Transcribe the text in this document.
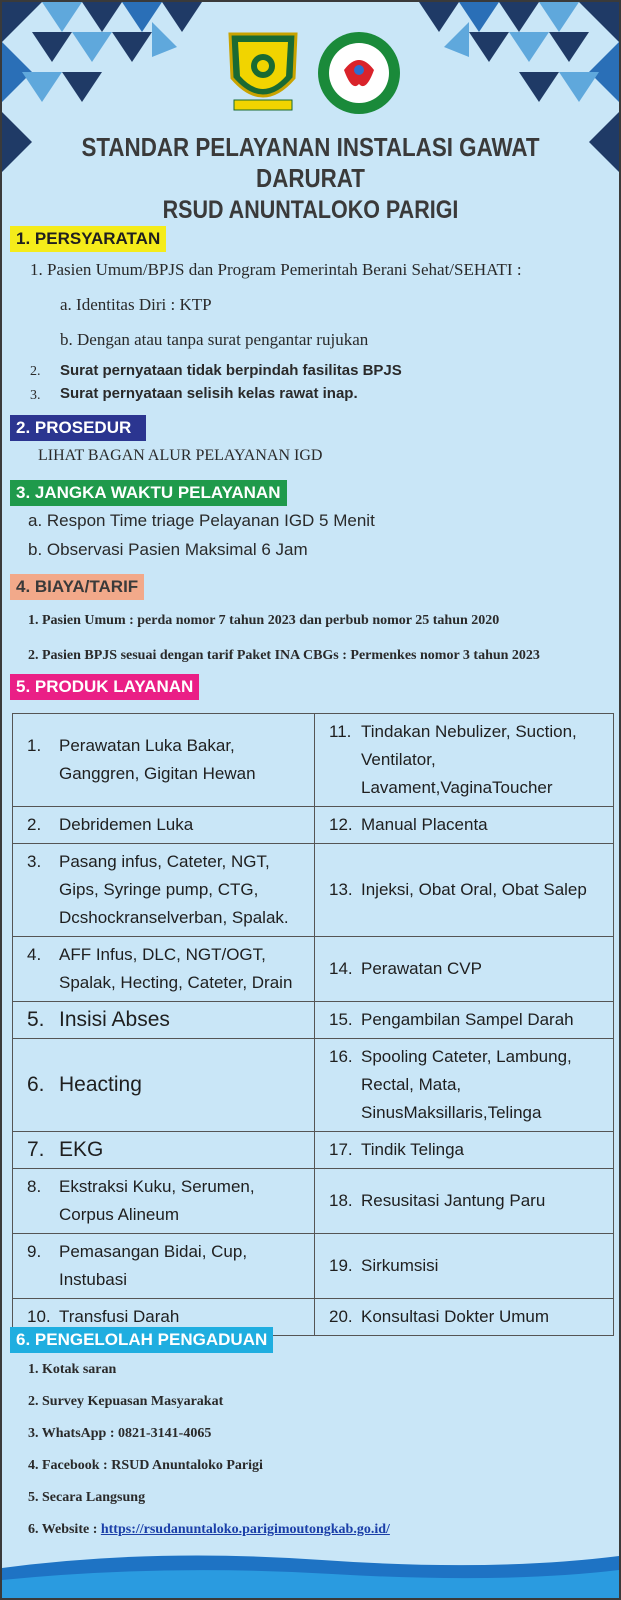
STANDAR PELAYANAN INSTALASI GAWAT DARURAT
RSUD ANUNTALOKO PARIGI
1. PERSYARATAN
1. Pasien Umum/BPJS dan Program Pemerintah Berani Sehat/SEHATI :
a. Identitas Diri : KTP
b. Dengan atau tanpa surat pengantar rujukan
2. Surat pernyataan tidak berpindah fasilitas BPJS
3. Surat pernyataan selisih kelas rawat inap.
2. PROSEDUR
LIHAT BAGAN ALUR PELAYANAN IGD
3. JANGKA WAKTU PELAYANAN
a. Respon Time triage Pelayanan IGD 5 Menit
b. Observasi Pasien Maksimal 6 Jam
4. BIAYA/TARIF
1. Pasien Umum : perda nomor 7 tahun 2023 dan perbub nomor 25 tahun 2020
2. Pasien BPJS sesuai dengan tarif Paket INA CBGs : Permenkes nomor 3 tahun 2023
5. PRODUK LAYANAN
1. Perawatan Luka Bakar, Ganggren, Gigitan Hewan	11. Tindakan Nebulizer, Suction, Ventilator, Lavament,VaginaToucher

2. Debridemen Luka	12. Manual Placenta

3. Pasang infus, Cateter, NGT, Gips, Syringe pump, CTG, Dcshockranselverban, Spalak.	13. Injeksi, Obat Oral, Obat Salep

4. AFF Infus, DLC, NGT/OGT, Spalak, Hecting, Cateter, Drain	14. Perawatan CVP

5. Insisi Abses	15. Pengambilan Sampel Darah

6. Heacting	16. Spooling Cateter, Lambung, Rectal, Mata, SinusMaksillaris,Telinga

7. EKG	17. Tindik Telinga

8. Ekstraksi Kuku, Serumen, Corpus Alineum	18. Resusitasi Jantung Paru

9. Pemasangan Bidai, Cup, Instubasi	19. Sirkumsisi

10. Transfusi Darah	20. Konsultasi Dokter Umum
6. PENGELOLAH PENGADUAN
1. Kotak saran
2. Survey Kepuasan Masyarakat
3. WhatsApp : 0821-3141-4065
4. Facebook : RSUD Anuntaloko Parigi
5. Secara Langsung
6. Website : https://rsudanuntaloko.parigimoutongkab.go.id/
